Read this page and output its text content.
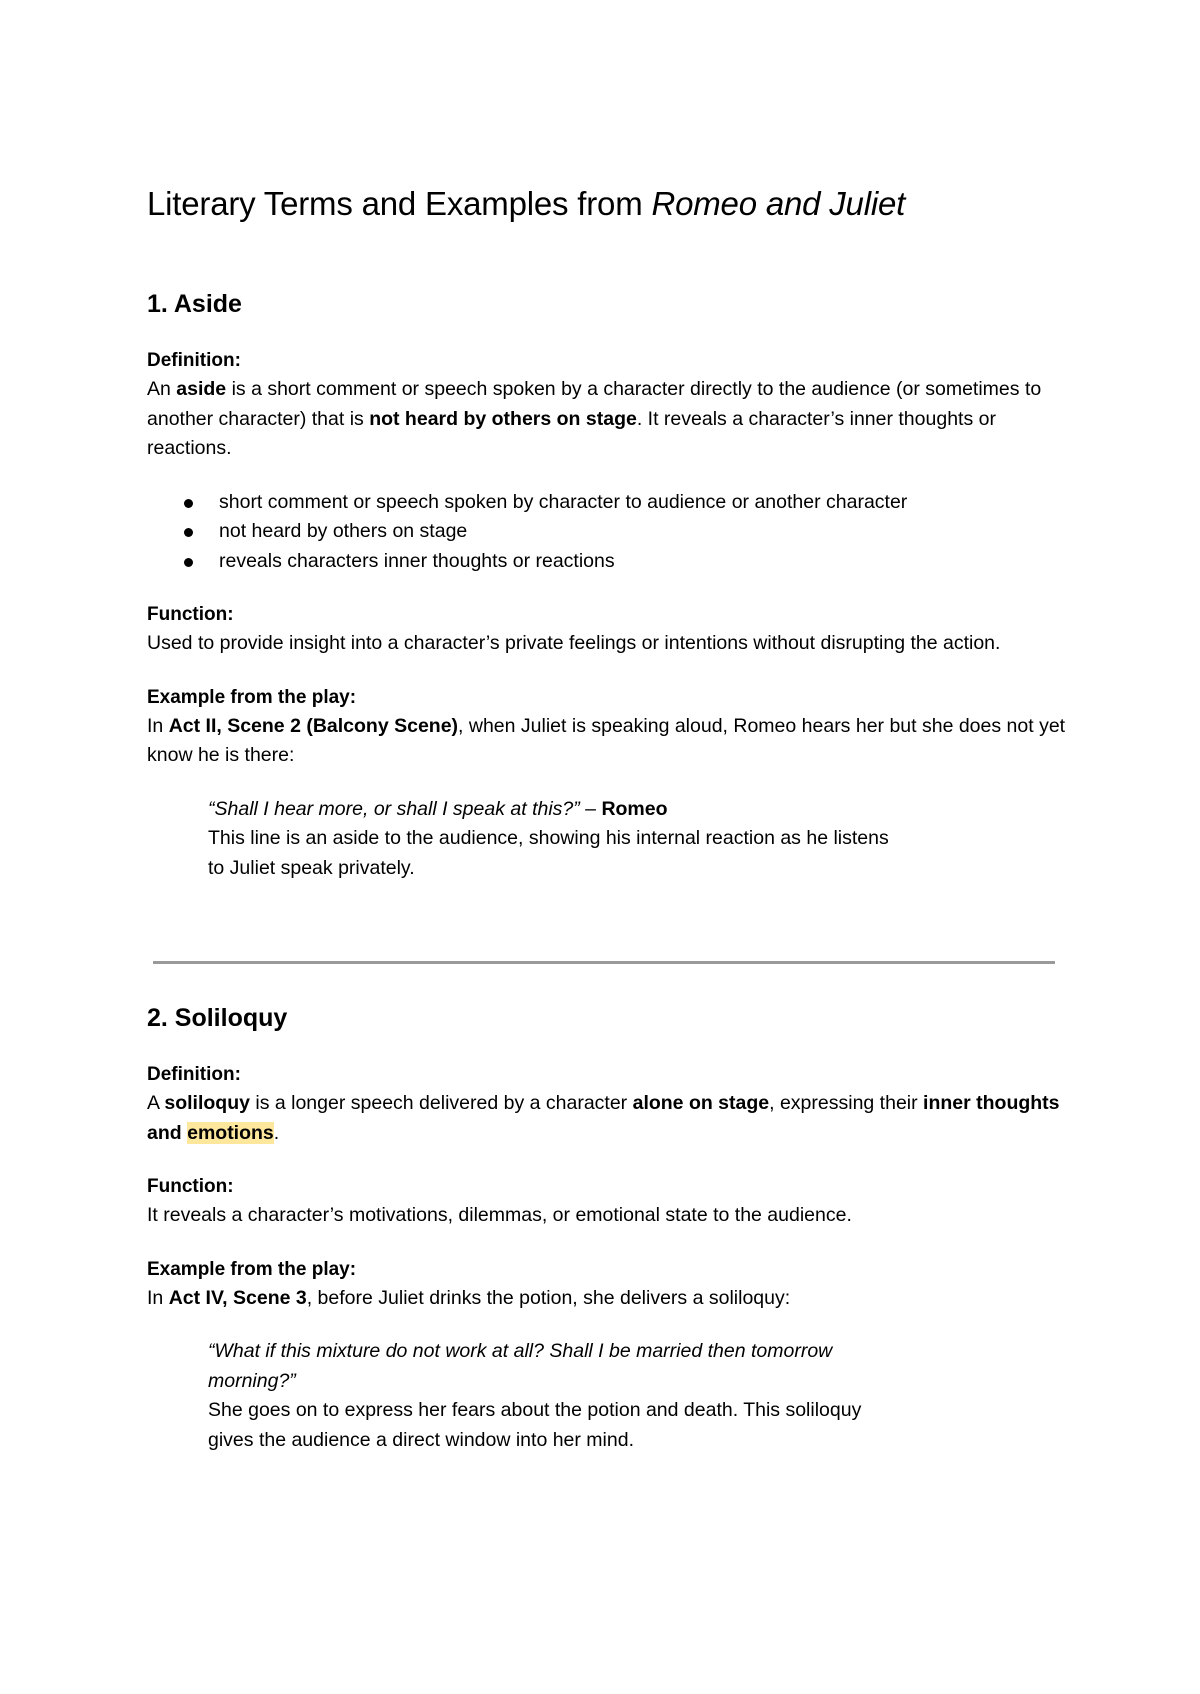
Literary Terms and Examples from Romeo and Juliet
1. Aside
Definition:

An aside is a short comment or speech spoken by a character directly to the audience (or sometimes to another character) that is not heard by others on stage. It reveals a character’s inner thoughts or reactions.

short comment or speech spoken by character to audience or another character
not heard by others on stage
reveals characters inner thoughts or reactions
Function:

Used to provide insight into a character’s private feelings or intentions without disrupting the action.

Example from the play:

In Act II, Scene 2 (Balcony Scene), when Juliet is speaking aloud, Romeo hears her but she does not yet know he is there:

“Shall I hear more, or shall I speak at this?” – Romeo
This line is an aside to the audience, showing his internal reaction as he listens
to Juliet speak privately.
2. Soliloquy
Definition:

A soliloquy is a longer speech delivered by a character alone on stage, expressing their inner thoughts and emotions.

Function:

It reveals a character’s motivations, dilemmas, or emotional state to the audience.

Example from the play:

In Act IV, Scene 3, before Juliet drinks the potion, she delivers a soliloquy:

“What if this mixture do not work at all? Shall I be married then tomorrow
morning?”
She goes on to express her fears about the potion and death. This soliloquy
gives the audience a direct window into her mind.
